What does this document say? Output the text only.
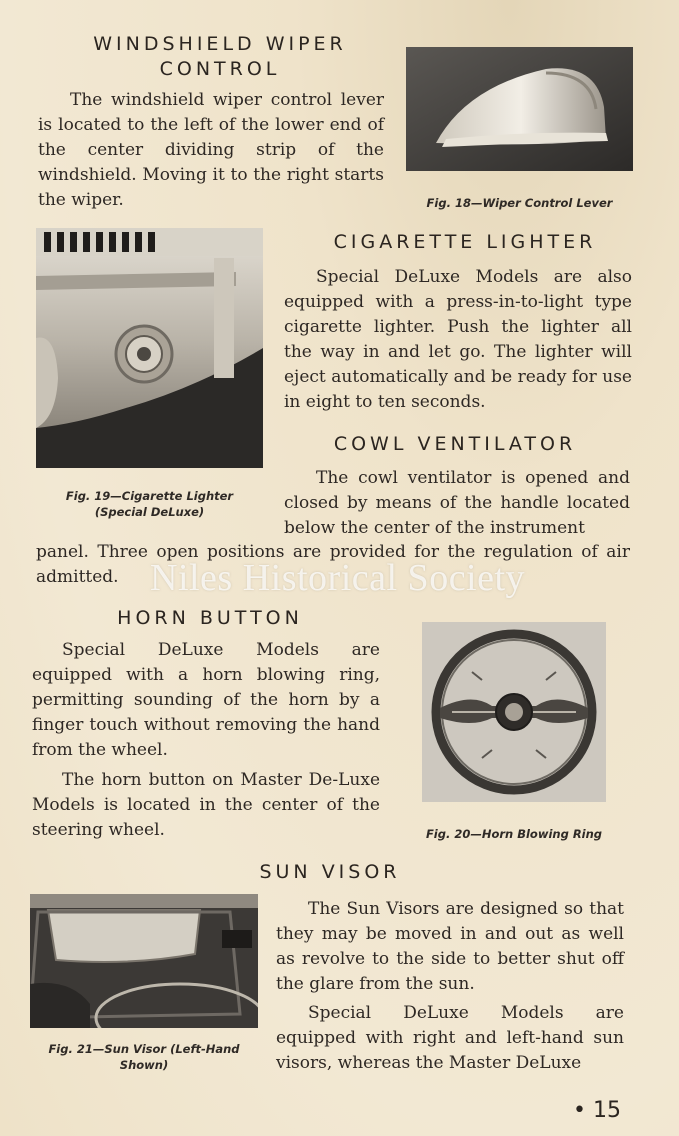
WINDSHIELD WIPER
CONTROL

The windshield wiper control lever is located to the left of the lower end of the center dividing strip of the windshield. Moving it to the right starts the wiper.	Fig. 18—Wiper Control Lever
Fig. 19—Cigarette Lighter
(Special DeLuxe)
CIGARETTE LIGHTER

Special DeLuxe Models are also equipped with a press-in-to-light type cigarette lighter. Push the lighter all the way in and let go. The lighter will eject automatically and be ready for use in eight to ten seconds.

COWL VENTILATOR

The cowl ventilator is opened and closed by means of the handle located below the center of the instrument

panel. Three open positions are provided for the regulation of air admitted. Niles Historical Society
HORN BUTTON

Special DeLuxe Models are equipped with a horn blowing ring, permitting sounding of the horn by a finger touch without removing the hand from the wheel.

The horn button on Master De-Luxe Models is located in the center of the steering wheel.	Fig. 20—Horn Blowing Ring
SUN VISOR
Fig. 21—Sun Visor (Left-Hand
Shown)

The Sun Visors are designed so that they may be moved in and out as well as revolve to the side to better shut off the glare from the sun.

Special DeLuxe Models are equipped with right and left-hand sun visors, whereas the Master DeLuxe

• 15
